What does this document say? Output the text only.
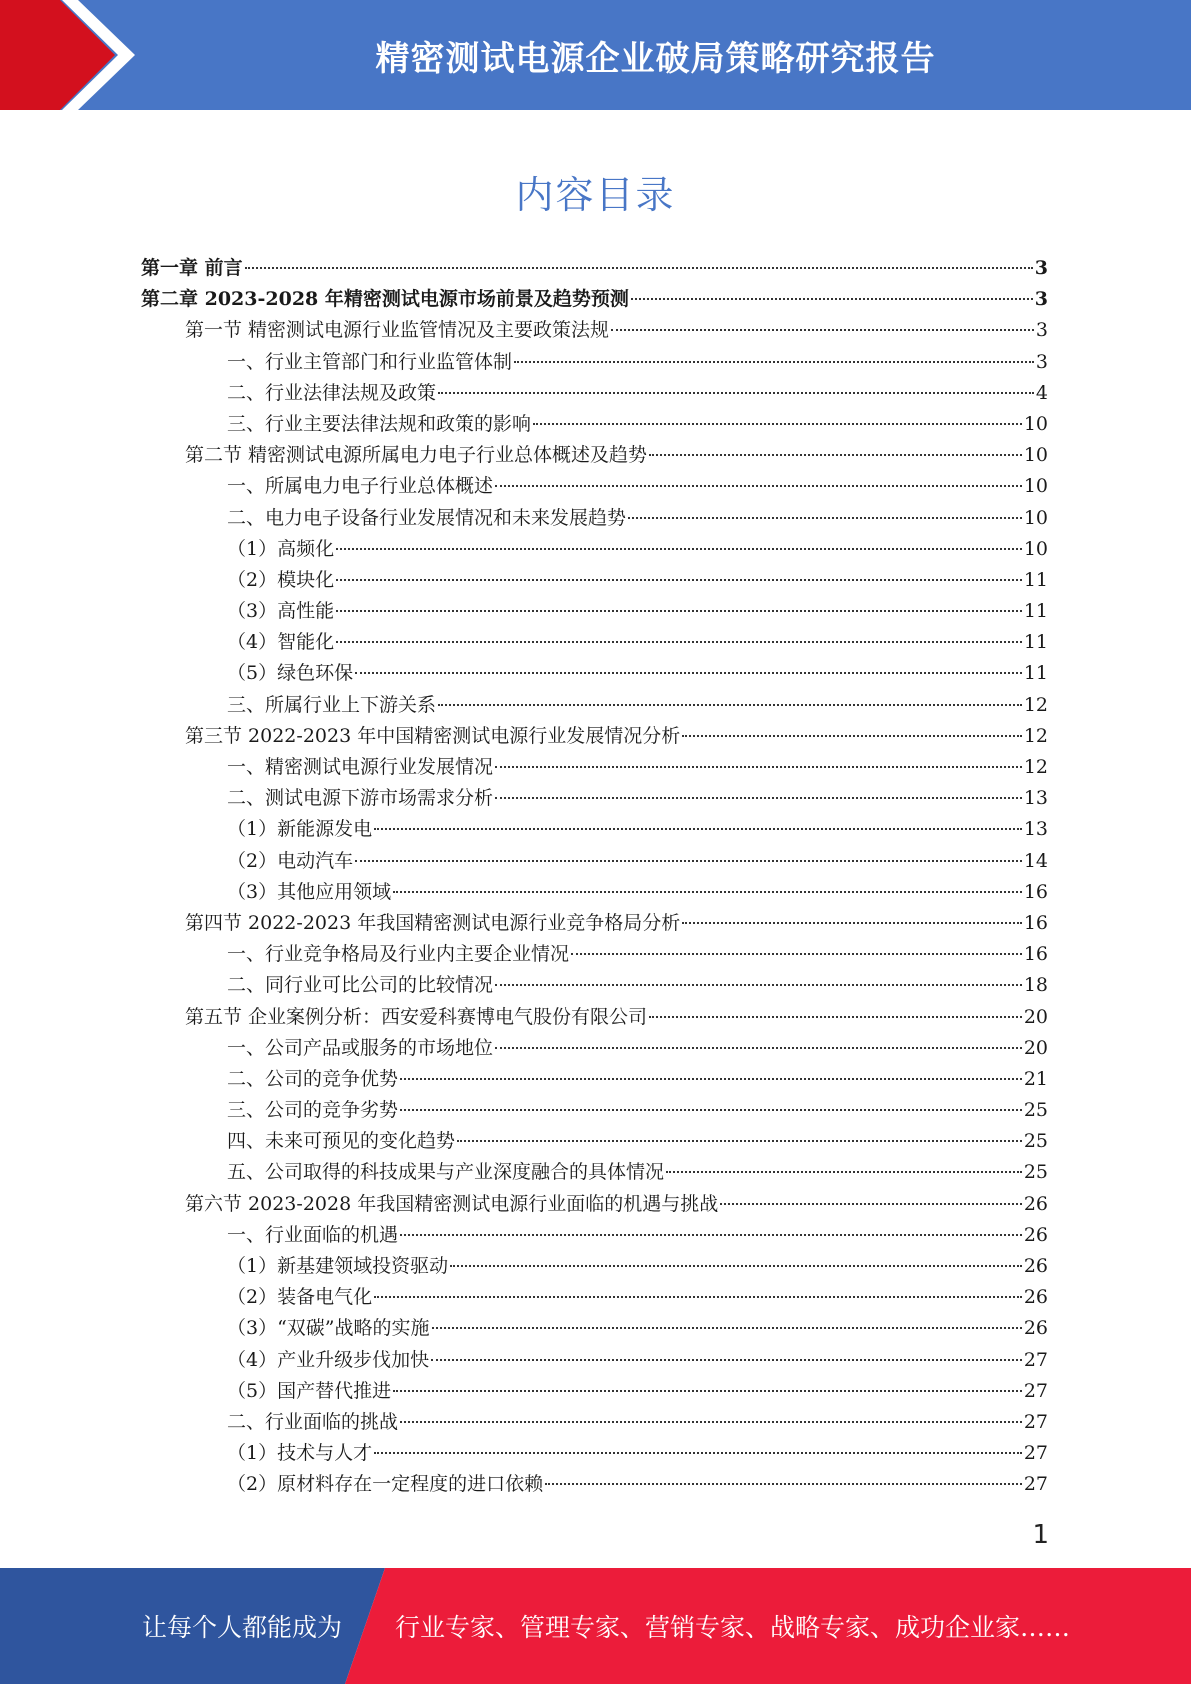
精密测试电源企业破局策略研究报告
内容目录
第一章 前言	3
第二章 2023-2028 年精密测试电源市场前景及趋势预测	3
第一节 精密测试电源行业监管情况及主要政策法规	3
一、行业主管部门和行业监管体制	3
二、行业法律法规及政策	4
三、行业主要法律法规和政策的影响	10
第二节 精密测试电源所属电力电子行业总体概述及趋势	10
一、所属电力电子行业总体概述	10
二、电力电子设备行业发展情况和未来发展趋势	10
（1）高频化	10
（2）模块化	11
（3）高性能	11
（4）智能化	11
（5）绿色环保	11
三、所属行业上下游关系	12
第三节 2022-2023 年中国精密测试电源行业发展情况分析	12
一、精密测试电源行业发展情况	12
二、测试电源下游市场需求分析	13
（1）新能源发电	13
（2）电动汽车	14
（3）其他应用领域	16
第四节 2022-2023 年我国精密测试电源行业竞争格局分析	16
一、行业竞争格局及行业内主要企业情况	16
二、同行业可比公司的比较情况	18
第五节 企业案例分析：西安爱科赛博电气股份有限公司	20
一、公司产品或服务的市场地位	20
二、公司的竞争优势	21
三、公司的竞争劣势	25
四、未来可预见的变化趋势	25
五、公司取得的科技成果与产业深度融合的具体情况	25
第六节 2023-2028 年我国精密测试电源行业面临的机遇与挑战	26
一、行业面临的机遇	26
（1）新基建领域投资驱动	26
（2）装备电气化	26
（3）“双碳”战略的实施	26
（4）产业升级步伐加快	27
（5）国产替代推进	27
二、行业面临的挑战	27
（1）技术与人才	27
（2）原材料存在一定程度的进口依赖	27
1
让每个人都能成为	行业专家、管理专家、营销专家、战略专家、成功企业家……
